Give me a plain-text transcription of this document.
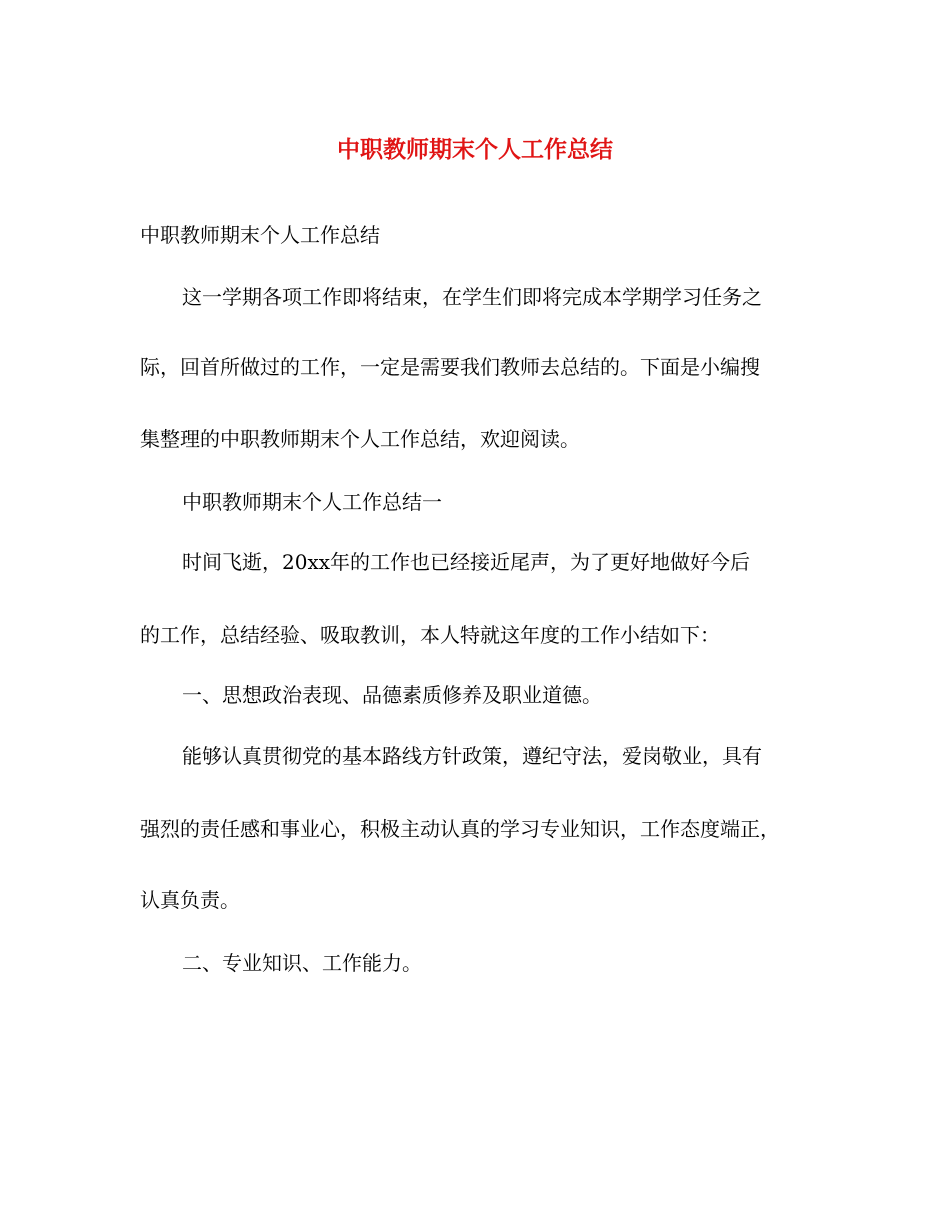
中职教师期末个人工作总结
中职教师期末个人工作总结
这一学期各项工作即将结束，在学生们即将完成本学期学习任务之
际，回首所做过的工作，一定是需要我们教师去总结的。下面是小编搜
集整理的中职教师期末个人工作总结，欢迎阅读。
中职教师期末个人工作总结一
时间飞逝，20xx年的工作也已经接近尾声，为了更好地做好今后
的工作，总结经验、吸取教训，本人特就这年度的工作小结如下：
一、思想政治表现、品德素质修养及职业道德。
能够认真贯彻党的基本路线方针政策，遵纪守法，爱岗敬业，具有
强烈的责任感和事业心，积极主动认真的学习专业知识，工作态度端正，
认真负责。
二、专业知识、工作能力。
